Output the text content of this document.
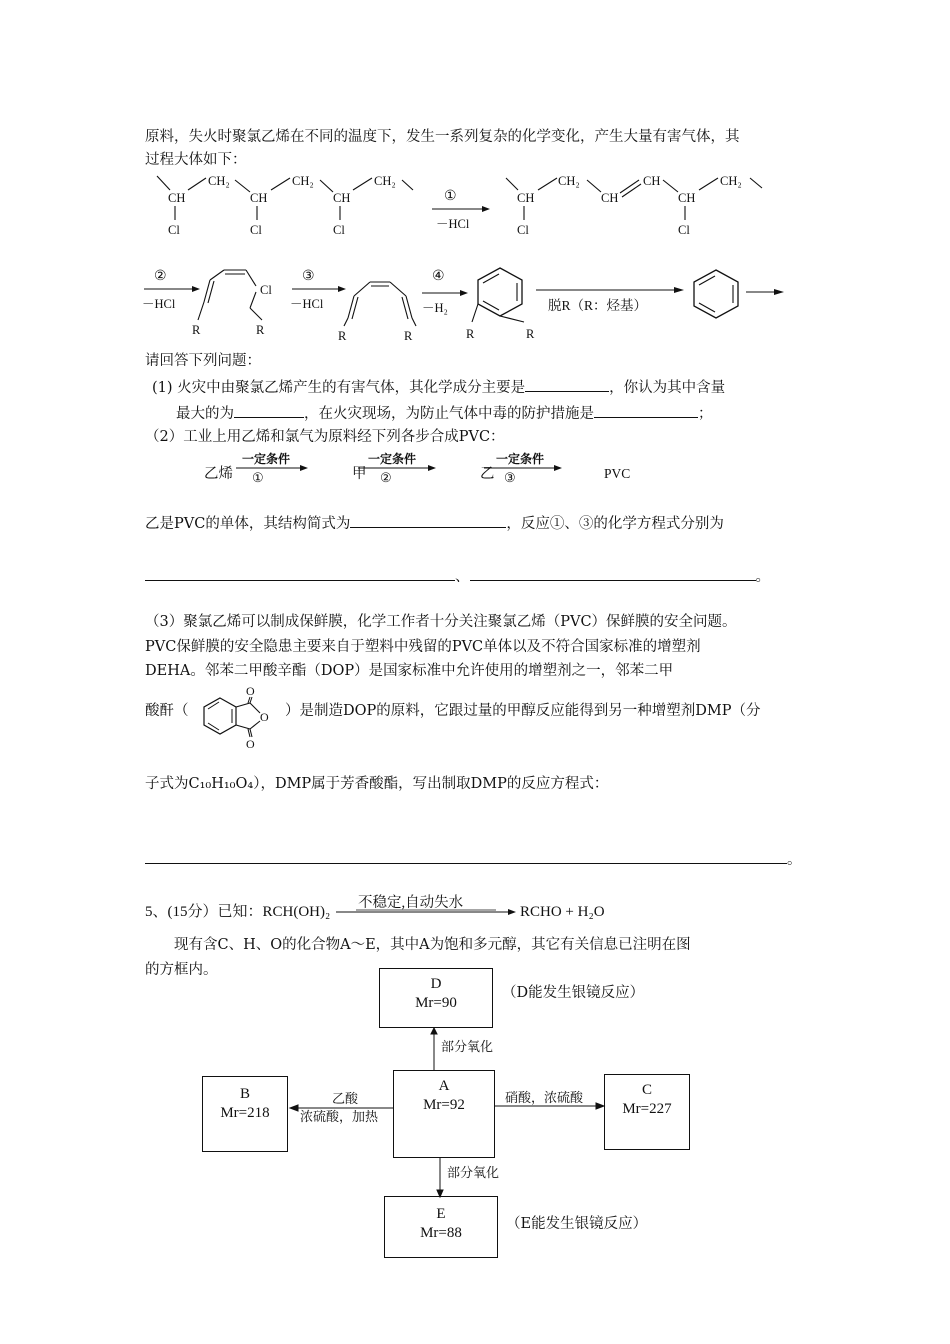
原料，失火时聚氯乙烯在不同的温度下，发生一系列复杂的化学变化，产生大量有害气体，其
过程大体如下：
CH
Cl
CH₂
CH
Cl
CH₂
CH
Cl
CH₂
①
－HCl
CH
Cl
CH₂
CH
CH
CH
Cl
CH₂
②
－HCl
Cl
R	R
③
－HCl
R	R
④
－H₂
R	R
脱R（R：烃基）
请回答下列问题：
(1) 火灾中由聚氯乙烯产生的有害气体，其化学成分主要是	，你认为其中含量
最大的为	，在火灾现场，为防止气体中毒的防护措施是	；
（2）工业上用乙烯和氯气为原料经下列各步合成PVC：
乙烯
一定条件
①	甲
一定条件
②	乙
一定条件
③	PVC
乙是PVC的单体，其结构简式为	，反应①、③的化学方程式分别为
、	。
（3）聚氯乙烯可以制成保鲜膜，化学工作者十分关注聚氯乙烯（PVC）保鲜膜的安全问题。
PVC保鲜膜的安全隐患主要来自于塑料中残留的PVC单体以及不符合国家标准的增塑剂
DEHA。邻苯二甲酸辛酯（DOP）是国家标准中允许使用的增塑剂之一，邻苯二甲
酸酐（
O
O
O
）是制造DOP的原料，它跟过量的甲醇反应能得到另一种增塑剂DMP（分
子式为C₁₀H₁₀O₄），DMP属于芳香酸酯，写出制取DMP的反应方程式：
。
5、(15分）已知：RCH(OH)₂
不稳定,自动失水
RCHO + H₂O
现有含C、H、O的化合物A～E，其中A为饱和多元醇，其它有关信息已注明在图
的方框内。
D
Mr=90
（D能发生银镜反应）
A
Mr=92
B
Mr=218
C
Mr=227
E
Mr=88
（E能发生银镜反应）
部分氧化
部分氧化
乙酸
浓硫酸，加热
硝酸，浓硫酸
